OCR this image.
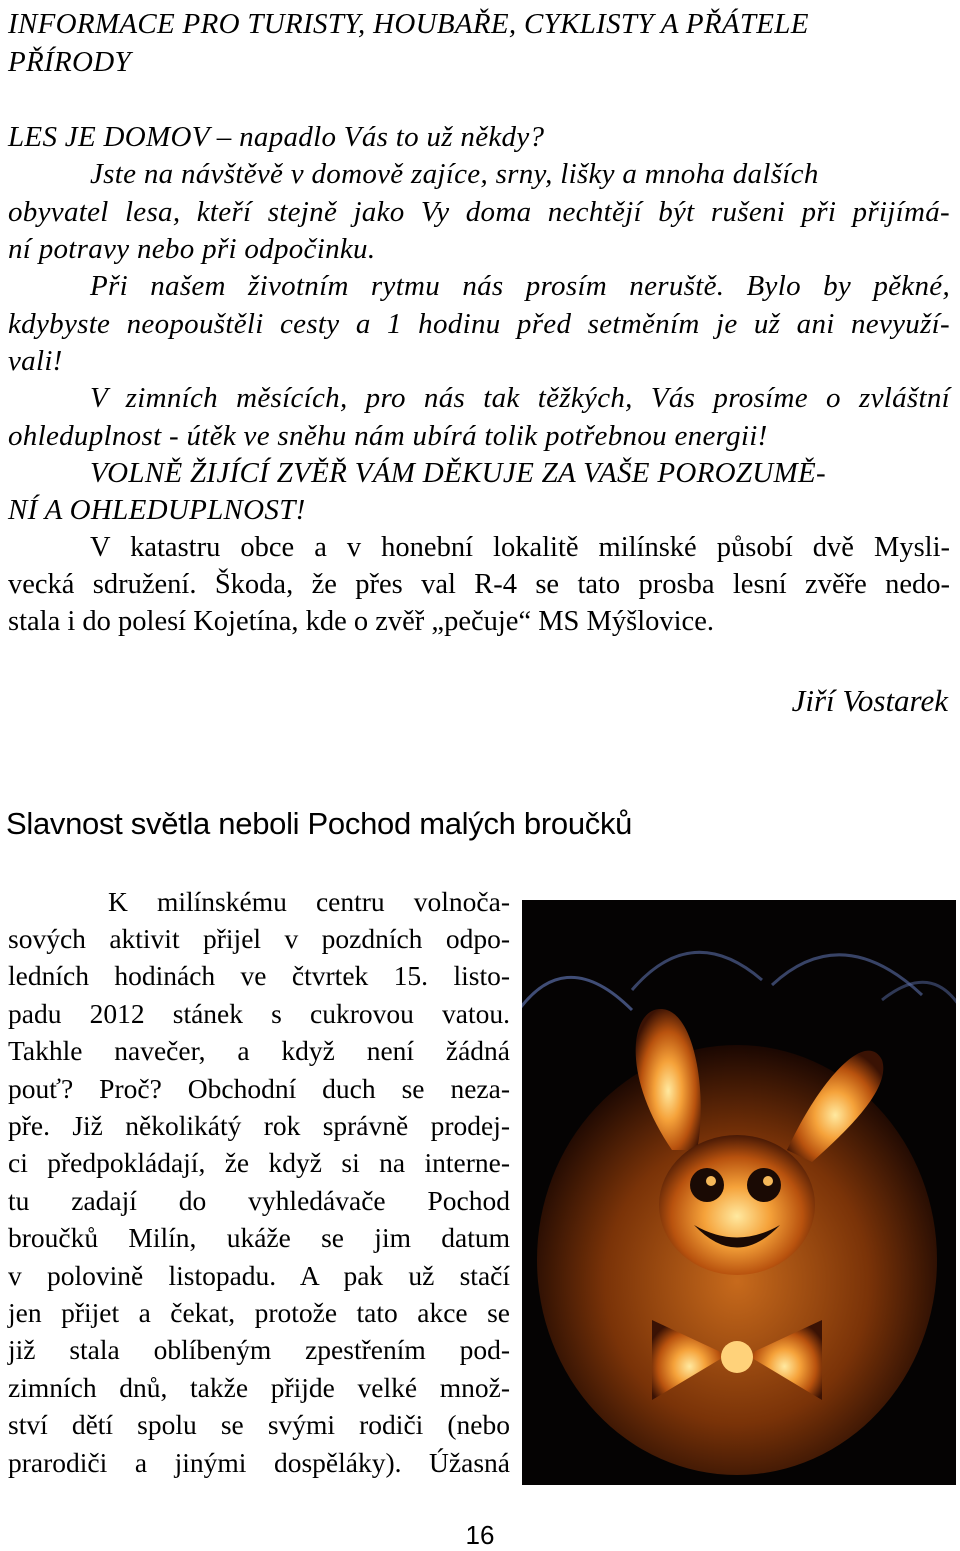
INFORMACE PRO TURISTY, HOUBAŘE, CYKLISTY A PŘÁTELE
PŘÍRODY
LES JE DOMOV – napadlo Vás to už někdy?
Jste na návštěvě v domově zajíce, srny, lišky a mnoha dalších
obyvatel lesa, kteří stejně jako Vy doma nechtějí být rušeni při přijímá-
ní potravy nebo při odpočinku.
Při našem životním rytmu nás prosím neruště. Bylo by pěkné,
kdybyste neopouštěli cesty a 1 hodinu před setměním je už ani nevyuží-
vali!
V zimních měsících, pro nás tak těžkých, Vás prosíme o zvláštní
ohleduplnost - útěk ve sněhu nám ubírá tolik potřebnou energii!
VOLNĚ ŽIJÍCÍ ZVĚŘ VÁM DĚKUJE ZA VAŠE POROZUMĚ-
NÍ A OHLEDUPLNOST!
V katastru obce a v honební lokalitě milínské působí dvě Mysli-
vecká sdružení. Škoda, že přes val R-4 se tato prosba lesní zvěře nedo-
stala i do polesí Kojetína, kde o zvěř „pečuje“ MS Mýšlovice.
Jiří Vostarek
Slavnost světla neboli Pochod malých broučků
K milínskému centru volnoča-
sových aktivit přijel v pozdních odpo-
ledních hodinách ve čtvrtek 15. listo-
padu 2012 stánek s cukrovou vatou.
Takhle navečer, a když není žádná
pouť? Proč? Obchodní duch se neza-
pře. Již několikátý rok správně prodej-
ci předpokládají, že když si na interne-
tu zadají do vyhledávače Pochod
broučků Milín, ukáže se jim datum
v polovině listopadu. A pak už stačí
jen přijet a čekat, protože tato akce se
již stala oblíbeným zpestřením pod-
zimních dnů, takže přijde velké množ-
ství dětí spolu se svými rodiči (nebo
prarodiči a jinými dospěláky). Úžasná
16
